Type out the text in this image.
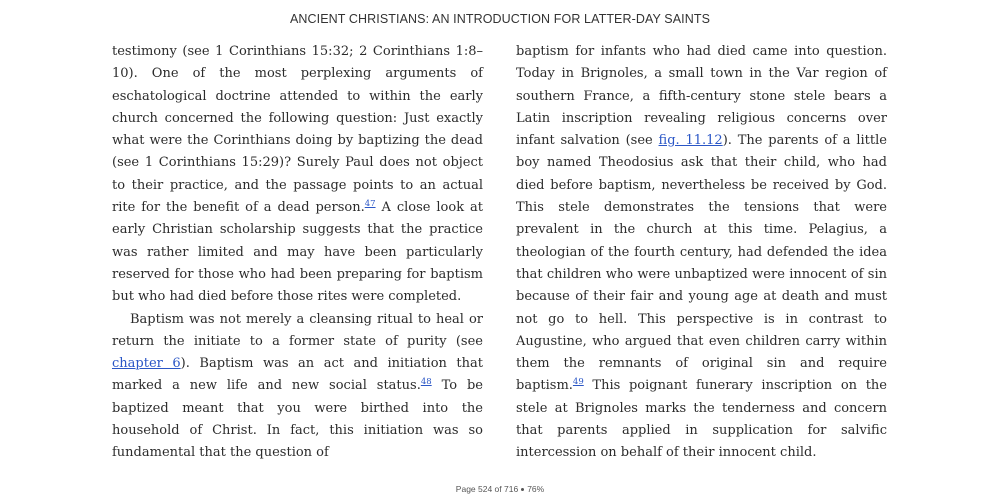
ANCIENT CHRISTIANS: AN INTRODUCTION FOR LATTER-DAY SAINTS

testimony (see 1 Corinthians 15:32; 2 Corinthians 1:8–10). One of the most perplexing arguments of eschatological doctrine attended to within the early church concerned the following question: Just exactly what were the Corinthians doing by baptizing the dead (see 1 Corinthians 15:29)? Surely Paul does not object to their practice, and the passage points to an actual rite for the benefit of a dead person.$^{47}$ A close look at early Christian scholarship suggests that the practice was rather limited and may have been particularly reserved for those who had been preparing for baptism but who had died before those rites were completed.

Baptism was not merely a cleansing ritual to heal or return the initiate to a former state of purity (see chapter 6). Baptism was an act and initiation that marked a new life and new social status.$^{48}$ To be baptized meant that you were birthed into the household of Christ. In fact, this initiation was so fundamental that the question of

baptism for infants who had died came into question. Today in Brignoles, a small town in the Var region of southern France, a fifth-century stone stele bears a Latin inscription revealing religious concerns over infant salvation (see fig. 11.12). The parents of a little boy named Theodosius ask that their child, who had died before baptism, nevertheless be received by God. This stele demonstrates the tensions that were prevalent in the church at this time. Pelagius, a theologian of the fourth century, had defended the idea that children who were unbaptized were innocent of sin because of their fair and young age at death and must not go to hell. This perspective is in contrast to Augustine, who argued that even children carry within them the remnants of original sin and require baptism.$^{49}$ This poignant funerary inscription on the stele at Brignoles marks the tenderness and concern that parents applied in supplication for salvific intercession on behalf of their innocent child.

Page 524 of 716 76%
